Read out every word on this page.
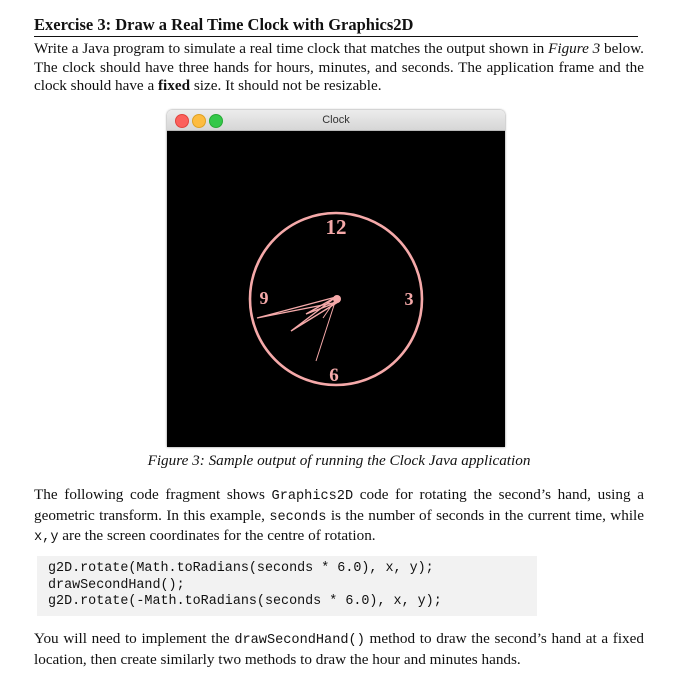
Exercise 3: Draw a Real Time Clock with Graphics2D
Write a Java program to simulate a real time clock that matches the output shown in Figure 3 below. The clock should have three hands for hours, minutes, and seconds. The application frame and the clock should have a fixed size. It should not be resizable.
Clock
12
3
6
9
Figure 3: Sample output of running the Clock Java application
The following code fragment shows Graphics2D code for rotating the second’s hand, using a geometric transform. In this example, seconds is the number of seconds in the current time, while x,y are the screen coordinates for the centre of rotation.
g2D.rotate(Math.toRadians(seconds * 6.0), x, y);
drawSecondHand();
g2D.rotate(-Math.toRadians(seconds * 6.0), x, y);
You will need to implement the drawSecondHand() method to draw the second’s hand at a fixed location, then create similarly two methods to draw the hour and minutes hands.
